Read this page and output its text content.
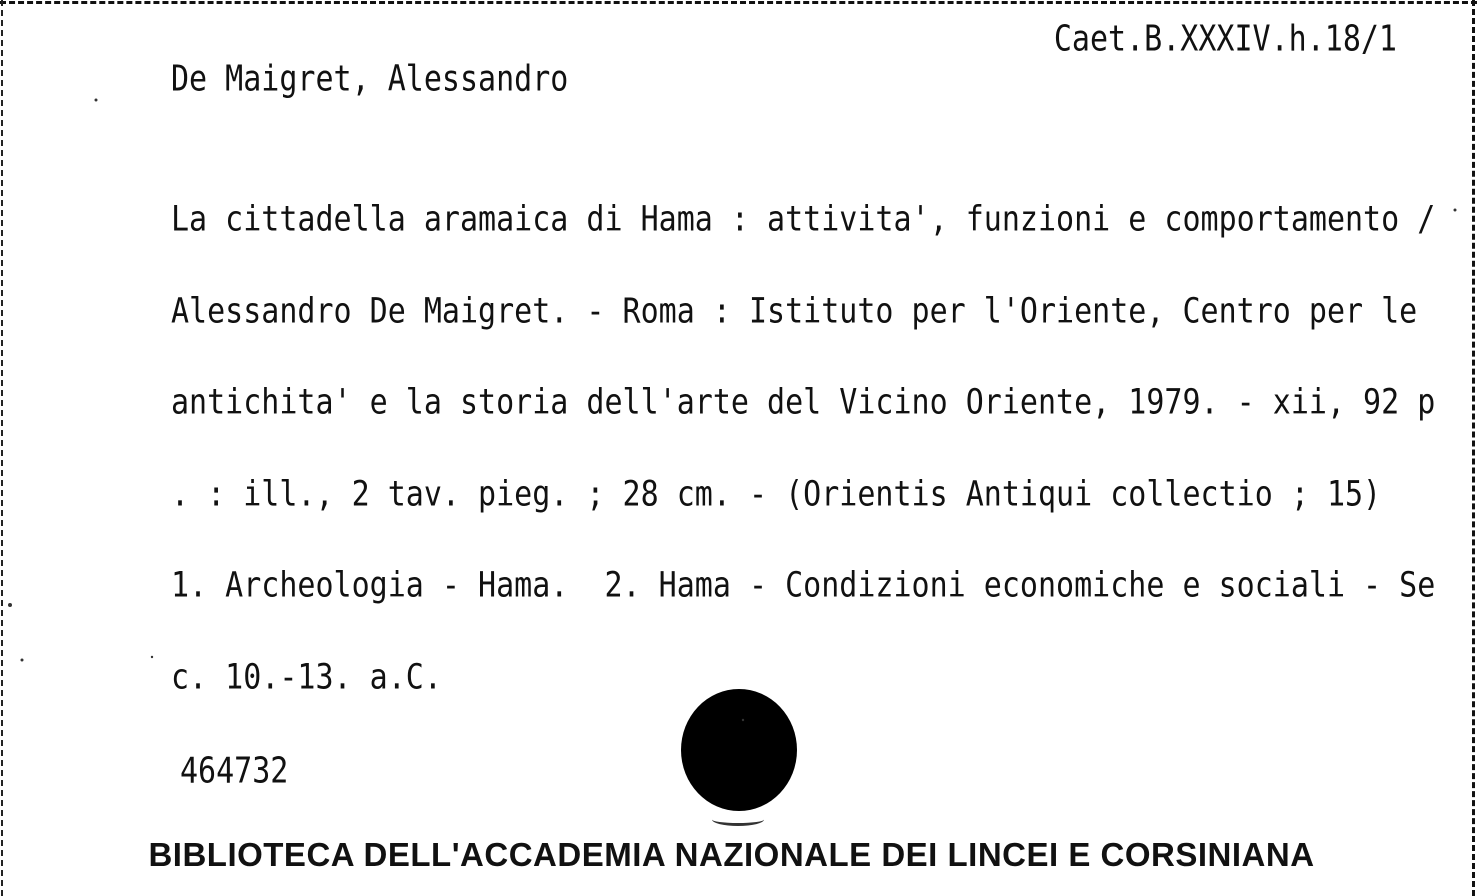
Caet.B.XXXIV.h.18/1
De Maigret, Alessandro

La cittadella aramaica di Hama : attivita', funzioni e comportamento /

Alessandro De Maigret. - Roma : Istituto per l'Oriente, Centro per le

antichita' e la storia dell'arte del Vicino Oriente, 1979. - xii, 92 p

. : ill., 2 tav. pieg. ; 28 cm. - (Orientis Antiqui collectio ; 15)

1. Archeologia - Hama.  2. Hama - Condizioni economiche e sociali - Se

c. 10.-13. a.C.

464732
BIBLIOTECA DELL'ACCADEMIA NAZIONALE DEI LINCEI E CORSINIANA
